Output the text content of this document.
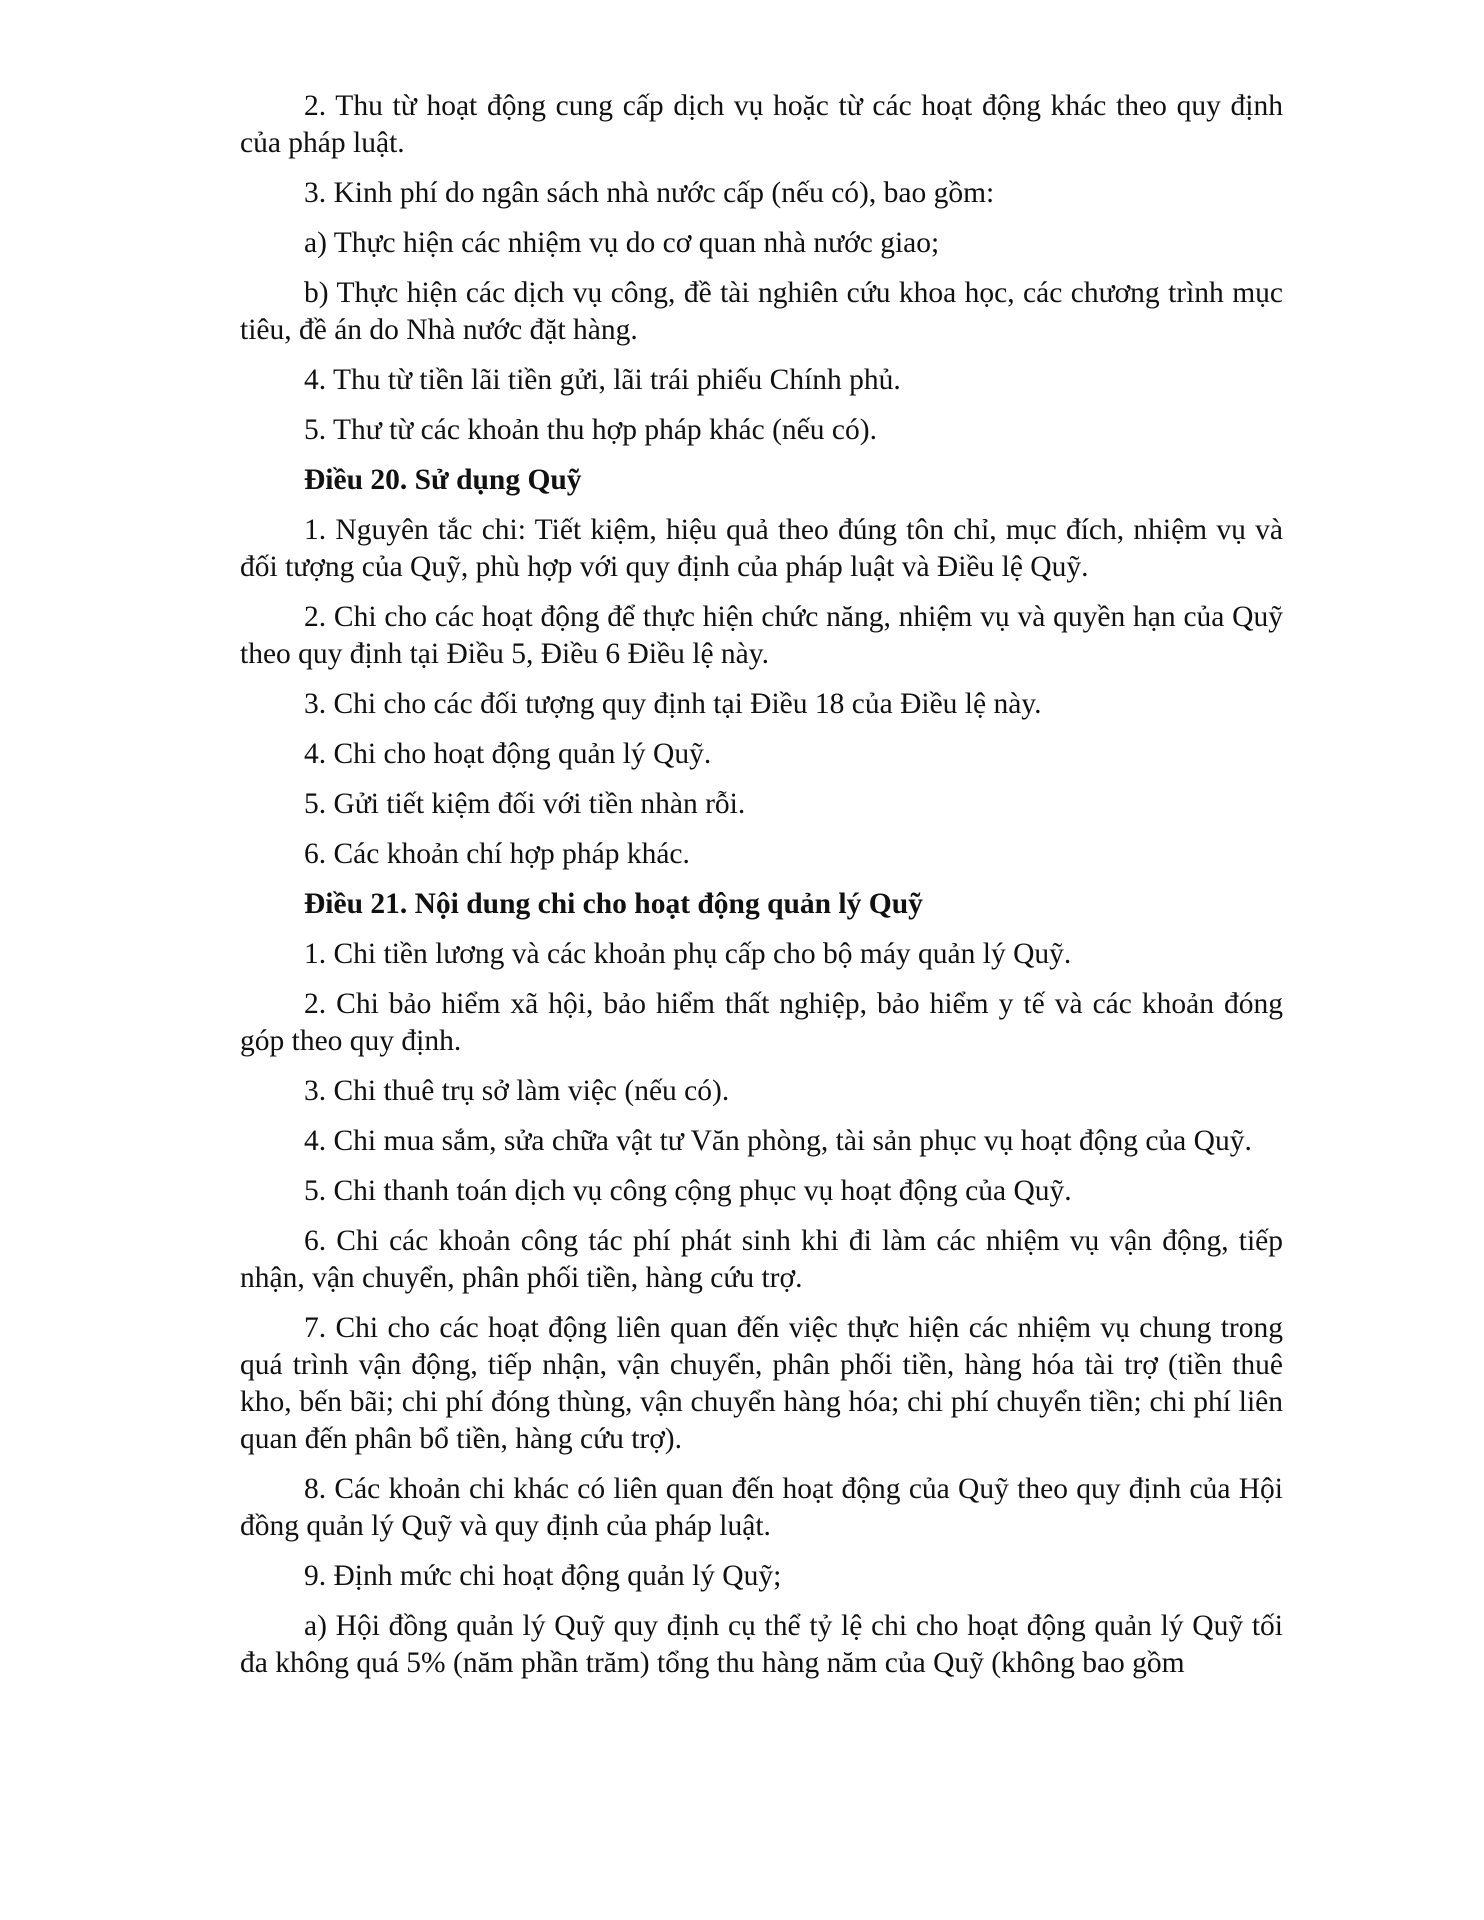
2. Thu từ hoạt động cung cấp dịch vụ hoặc từ các hoạt động khác theo quy định của pháp luật.

3. Kinh phí do ngân sách nhà nước cấp (nếu có), bao gồm:

a) Thực hiện các nhiệm vụ do cơ quan nhà nước giao;

b) Thực hiện các dịch vụ công, đề tài nghiên cứu khoa học, các chương trình mục tiêu, đề án do Nhà nước đặt hàng.

4. Thu từ tiền lãi tiền gửi, lãi trái phiếu Chính phủ.

5. Thư từ các khoản thu hợp pháp khác (nếu có).

Điều 20. Sử dụng Quỹ

1. Nguyên tắc chi: Tiết kiệm, hiệu quả theo đúng tôn chỉ, mục đích, nhiệm vụ và đối tượng của Quỹ, phù hợp với quy định của pháp luật và Điều lệ Quỹ.

2. Chi cho các hoạt động để thực hiện chức năng, nhiệm vụ và quyền hạn của Quỹ theo quy định tại Điều 5, Điều 6 Điều lệ này.

3. Chi cho các đối tượng quy định tại Điều 18 của Điều lệ này.

4. Chi cho hoạt động quản lý Quỹ.

5. Gửi tiết kiệm đối với tiền nhàn rỗi.

6. Các khoản chí hợp pháp khác.

Điều 21. Nội dung chi cho hoạt động quản lý Quỹ

1. Chi tiền lương và các khoản phụ cấp cho bộ máy quản lý Quỹ.

2. Chi bảo hiểm xã hội, bảo hiểm thất nghiệp, bảo hiểm y tế và các khoản đóng góp theo quy định.

3. Chi thuê trụ sở làm việc (nếu có).

4. Chi mua sắm, sửa chữa vật tư Văn phòng, tài sản phục vụ hoạt động của Quỹ.

5. Chi thanh toán dịch vụ công cộng phục vụ hoạt động của Quỹ.

6. Chi các khoản công tác phí phát sinh khi đi làm các nhiệm vụ vận động, tiếp nhận, vận chuyển, phân phối tiền, hàng cứu trợ.

7. Chi cho các hoạt động liên quan đến việc thực hiện các nhiệm vụ chung trong quá trình vận động, tiếp nhận, vận chuyển, phân phối tiền, hàng hóa tài trợ (tiền thuê kho, bến bãi; chi phí đóng thùng, vận chuyển hàng hóa; chi phí chuyển tiền; chi phí liên quan đến phân bổ tiền, hàng cứu trợ).

8. Các khoản chi khác có liên quan đến hoạt động của Quỹ theo quy định của Hội đồng quản lý Quỹ và quy định của pháp luật.

9. Định mức chi hoạt động quản lý Quỹ;

a) Hội đồng quản lý Quỹ quy định cụ thể tỷ lệ chi cho hoạt động quản lý Quỹ tối đa không quá 5% (năm phần trăm) tổng thu hàng năm của Quỹ (không bao gồm
